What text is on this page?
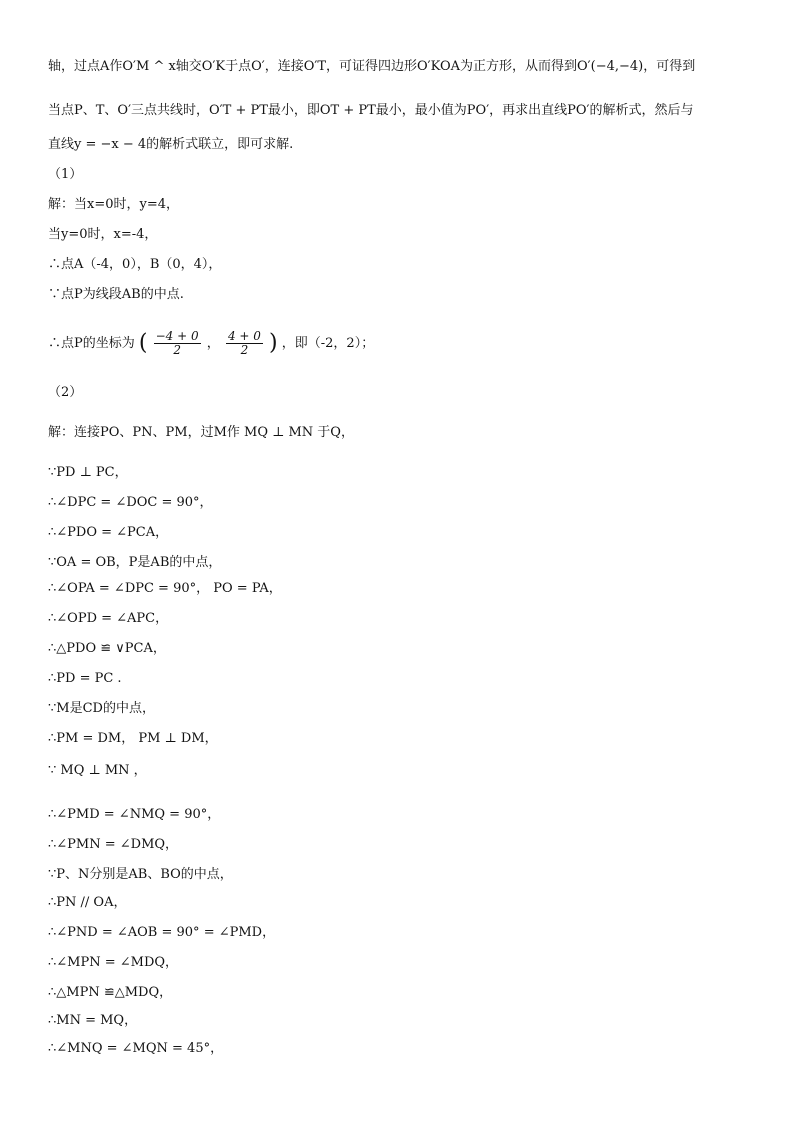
轴，过点A作O′M ^ x轴交O′K于点O′，连接O′T，可证得四边形O′KOA为正方形，从而得到O′(−4,−4)，可得到
当点P、T、O′三点共线时，O′T + PT最小，即OT + PT最小，最小值为PO′，再求出直线PO′的解析式，然后与
直线y = −x − 4的解析式联立，即可求解.
（1）
解：当x=0时，y=4，
当y=0时，x=-4，
∴点A（-4，0），B（0，4），
∵点P为线段AB的中点.
（2）
解：连接PO、PN、PM，过M作 MQ ⊥ MN 于Q，
∵PD ⊥ PC，
∴∠DPC = ∠DOC = 90°，
∴∠PDO = ∠PCA，
∵OA = OB，P是AB的中点，
∴∠OPA = ∠DPC = 90°， PO = PA，
∴∠OPD = ∠APC，
∴△PDO ≌ ∨PCA，
∴PD = PC .
∵M是CD的中点，
∴PM = DM， PM ⊥ DM，
∵ MQ ⊥ MN ，
∴∠PMD = ∠NMQ = 90°，
∴∠PMN = ∠DMQ，
∵P、N分别是AB、BO的中点，
∴PN // OA，
∴∠PND = ∠AOB = 90° = ∠PMD，
∴∠MPN = ∠MDQ，
∴△MPN ≌△MDQ，
∴MN = MQ，
∴∠MNQ = ∠MQN = 45°，
∴点P的坐标为 ( $\frac{-4 + 0}{2}$ ， $\frac{4 + 0}{2}$ ) ，即（-2，2）；
